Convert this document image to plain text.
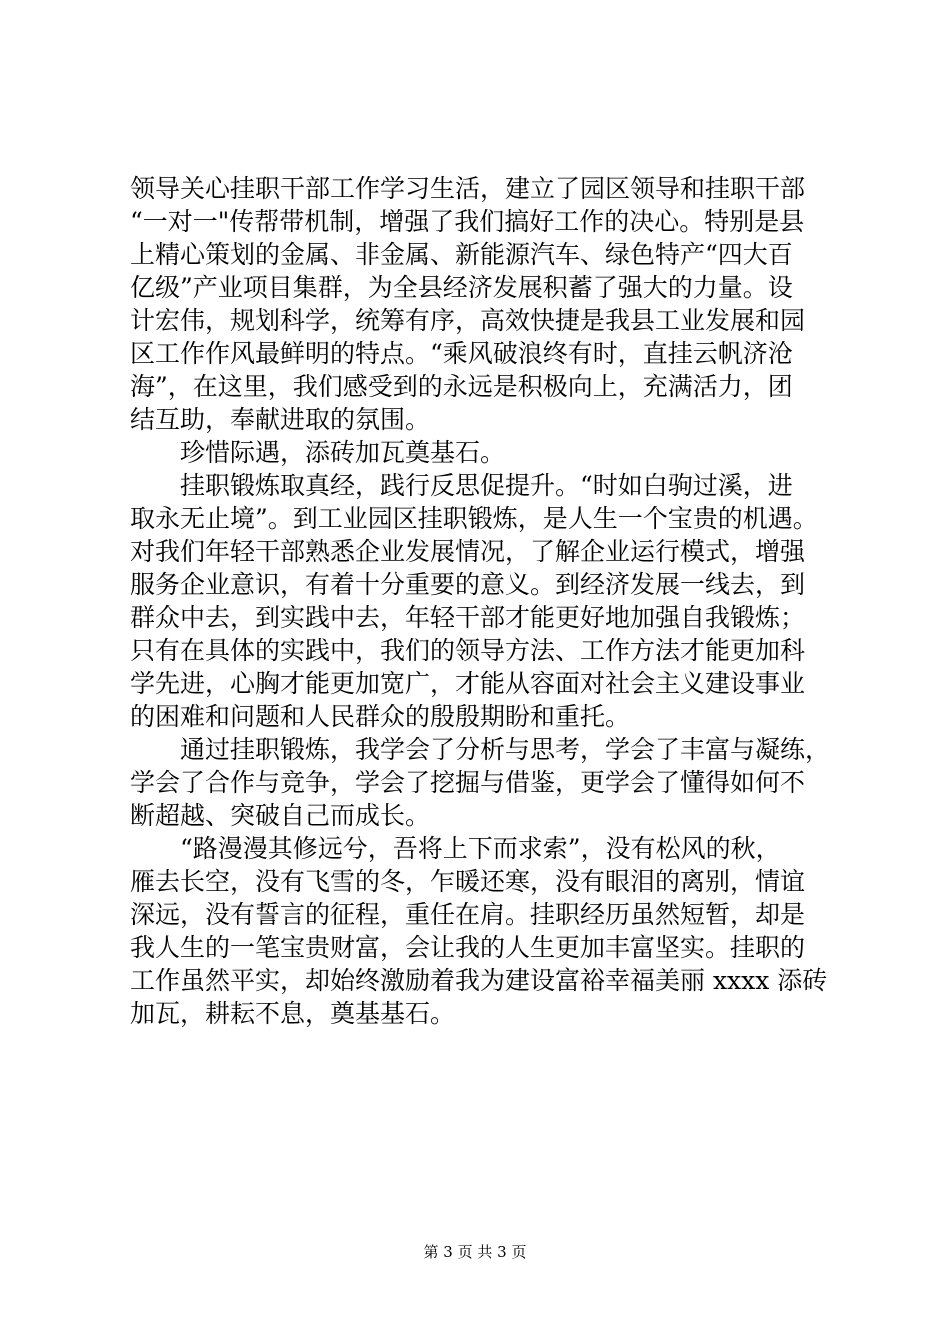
领导关心挂职干部工作学习生活，建立了园区领导和挂职干部
“一对一"传帮带机制，增强了我们搞好工作的决心。特别是县
上精心策划的金属、非金属、新能源汽车、绿色特产“四大百
亿级”产业项目集群，为全县经济发展积蓄了强大的力量。设
计宏伟，规划科学，统筹有序，高效快捷是我县工业发展和园
区工作作风最鲜明的特点。“乘风破浪终有时，直挂云帆济沧
海”，在这里，我们感受到的永远是积极向上，充满活力，团
结互助，奉献进取的氛围。
　　珍惜际遇，添砖加瓦奠基石。
　　挂职锻炼取真经，践行反思促提升。“时如白驹过溪，进
取永无止境”。到工业园区挂职锻炼，是人生一个宝贵的机遇。
对我们年轻干部熟悉企业发展情况，了解企业运行模式，增强
服务企业意识，有着十分重要的意义。到经济发展一线去，到
群众中去，到实践中去，年轻干部才能更好地加强自我锻炼；
只有在具体的实践中，我们的领导方法、工作方法才能更加科
学先进，心胸才能更加宽广，才能从容面对社会主义建设事业
的困难和问题和人民群众的殷殷期盼和重托。
　　通过挂职锻炼，我学会了分析与思考，学会了丰富与凝练，
学会了合作与竞争，学会了挖掘与借鉴，更学会了懂得如何不
断超越、突破自己而成长。
　　“路漫漫其修远兮，吾将上下而求索”，没有松风的秋，
雁去长空，没有飞雪的冬，乍暖还寒，没有眼泪的离别，情谊
深远，没有誓言的征程，重任在肩。挂职经历虽然短暂，却是
我人生的一笔宝贵财富，会让我的人生更加丰富坚实。挂职的
工作虽然平实，却始终激励着我为建设富裕幸福美丽 xxxx 添砖
加瓦，耕耘不息，奠基基石。
第 3 页 共 3 页
